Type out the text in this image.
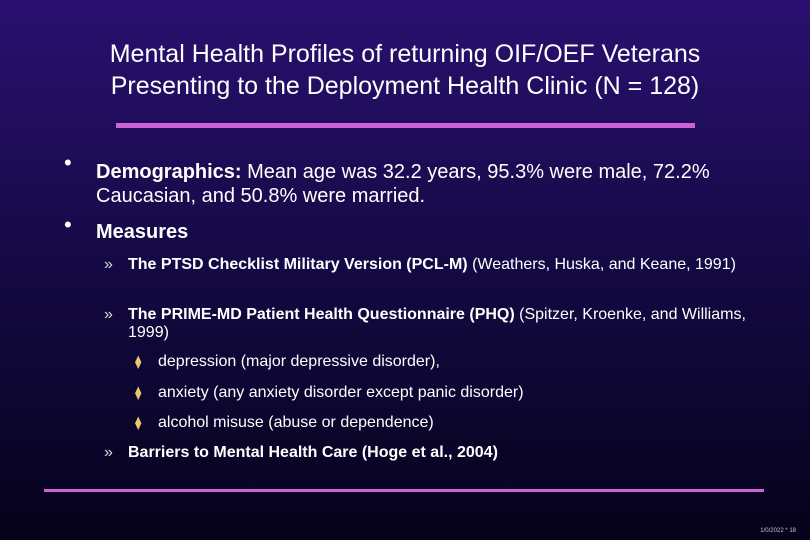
Mental Health Profiles of returning OIF/OEF Veterans
Presenting to the Deployment Health Clinic (N = 128)
• Demographics: Mean age was 32.2 years, 95.3% were male, 72.2% Caucasian, and 50.8% were married.
• Measures
» The PTSD Checklist Military Version (PCL-M) (Weathers, Huska, and Keane, 1991)
» The PRIME-MD Patient Health Questionnaire (PHQ) (Spitzer, Kroenke, and Williams, 1999)
⧫ depression (major depressive disorder),
⧫ anxiety (any anxiety disorder except panic disorder)
⧫ alcohol misuse (abuse or dependence)
» Barriers to Mental Health Care (Hoge et al., 2004)
1/0/2022 * 18
